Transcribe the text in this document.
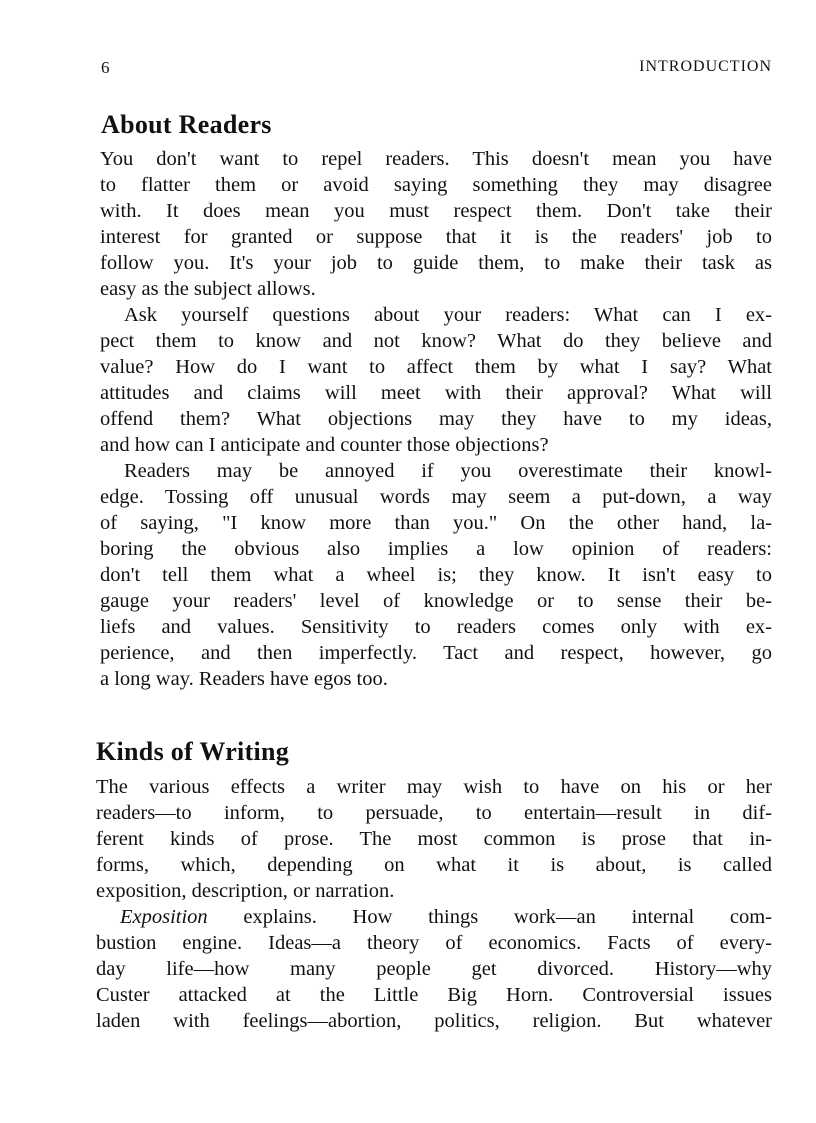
6	INTRODUCTION
About Readers
You don't want to repel readers. This doesn't mean you have
to flatter them or avoid saying something they may disagree
with. It does mean you must respect them. Don't take their
interest for granted or suppose that it is the readers' job to
follow you. It's your job to guide them, to make their task as
easy as the subject allows.
Ask yourself questions about your readers: What can I ex-
pect them to know and not know? What do they believe and
value? How do I want to affect them by what I say? What
attitudes and claims will meet with their approval? What will
offend them? What objections may they have to my ideas,
and how can I anticipate and counter those objections?
Readers may be annoyed if you overestimate their knowl-
edge. Tossing off unusual words may seem a put-down, a way
of saying, "I know more than you." On the other hand, la-
boring the obvious also implies a low opinion of readers:
don't tell them what a wheel is; they know. It isn't easy to
gauge your readers' level of knowledge or to sense their be-
liefs and values. Sensitivity to readers comes only with ex-
perience, and then imperfectly. Tact and respect, however, go
a long way. Readers have egos too.
Kinds of Writing
The various effects a writer may wish to have on his or her
readers—to inform, to persuade, to entertain—result in dif-
ferent kinds of prose. The most common is prose that in-
forms, which, depending on what it is about, is called
exposition, description, or narration.
Exposition explains. How things work—an internal com-
bustion engine. Ideas—a theory of economics. Facts of every-
day life—how many people get divorced. History—why
Custer attacked at the Little Big Horn. Controversial issues
laden with feelings—abortion, politics, religion. But whatever
